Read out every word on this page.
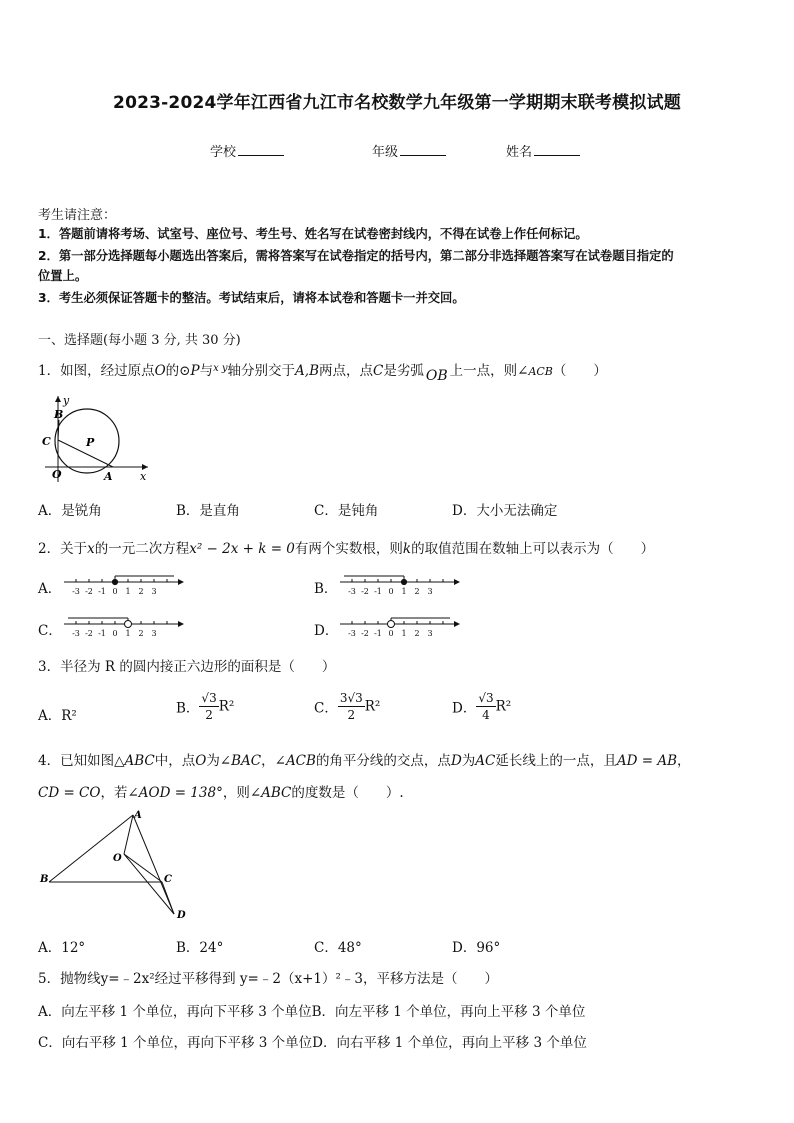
2023-2024学年江西省九江市名校数学九年级第一学期期末联考模拟试题
学校	年级	姓名
考生请注意：
1．答题前请将考场、试室号、座位号、考生号、姓名写在试卷密封线内，不得在试卷上作任何标记。
2．第一部分选择题每小题选出答案后，需将答案写在试卷指定的括号内，第二部分非选择题答案写在试卷题目指定的
位置上。
3．考生必须保证答题卡的整洁。考试结束后，请将本试卷和答题卡一并交回。
一、选择题(每小题 3 分, 共 30 分)
1．如图，经过原点O的⊙P与$^{x y}$轴分别交于A,B两点，点C是劣弧 OB 上一点，则∠ACB（　　）
B
C	P
O	A x
y
A．是锐角	B．是直角	C．是钝角	D．大小无法确定
2．关于x的一元二次方程x² − 2x + k = 0有两个实数根，则k的取值范围在数轴上可以表示为（　　）
A．	B．
C．	D．
-3 -2 -1 0 1 2 3	-3 -2 -1 0 1 2 3
-3 -2 -1 0 1 2 3	-3 -2 -1 0 1 2 3
3．半径为 R 的圆内接正六边形的面积是（　　）
A．R²	B． $\frac{√3}{2} R^2$	C． $\frac{3√3}{2} R^2$	D． $\frac{√3}{4} R^2$
4．已知如图△ABC中，点O为∠BAC，∠ACB的角平分线的交点，点D为AC延长线上的一点，且AD = AB，
CD = CO，若∠AOD = 138°，则∠ABC的度数是（　　）.
A
B
O
C
D
A．12°	B．24°	C．48°	D．96°
5．抛物线y=﹣2x²经过平移得到 y=﹣2（x+1）²﹣3，平移方法是（　　）
A．向左平移 1 个单位，再向下平移 3 个单位B．向左平移 1 个单位，再向上平移 3 个单位
C．向右平移 1 个单位，再向下平移 3 个单位D．向右平移 1 个单位，再向上平移 3 个单位
